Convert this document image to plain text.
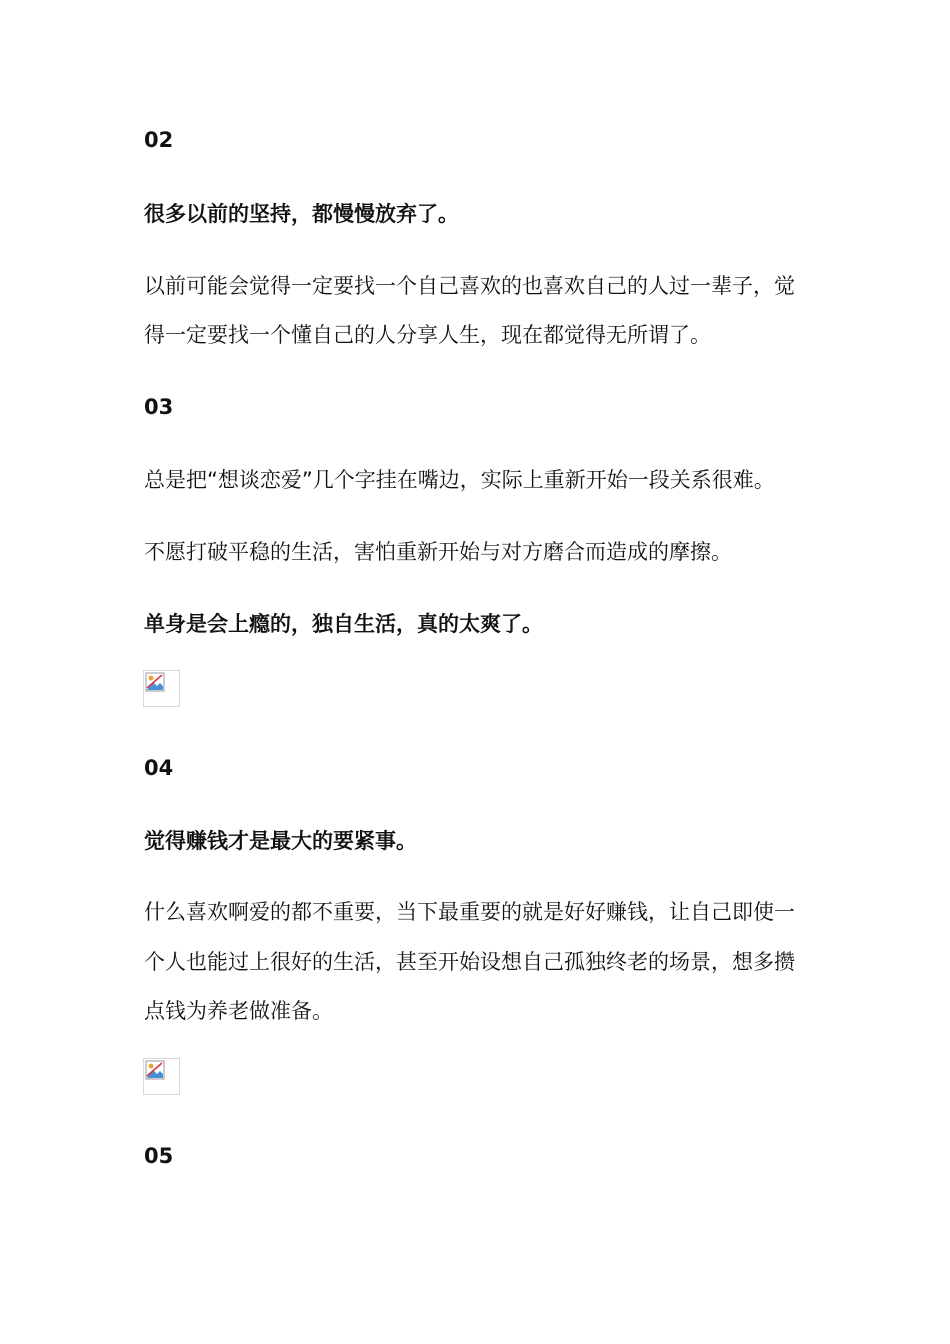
02
很多以前的坚持，都慢慢放弃了。
以前可能会觉得一定要找一个自己喜欢的也喜欢自己的人过一辈子，觉
得一定要找一个懂自己的人分享人生，现在都觉得无所谓了。
03
总是把“想谈恋爱”几个字挂在嘴边，实际上重新开始一段关系很难。
不愿打破平稳的生活，害怕重新开始与对方磨合而造成的摩擦。
单身是会上瘾的，独自生活，真的太爽了。
04
觉得赚钱才是最大的要紧事。
什么喜欢啊爱的都不重要，当下最重要的就是好好赚钱，让自己即使一
个人也能过上很好的生活，甚至开始设想自己孤独终老的场景，想多攒
点钱为养老做准备。
05
